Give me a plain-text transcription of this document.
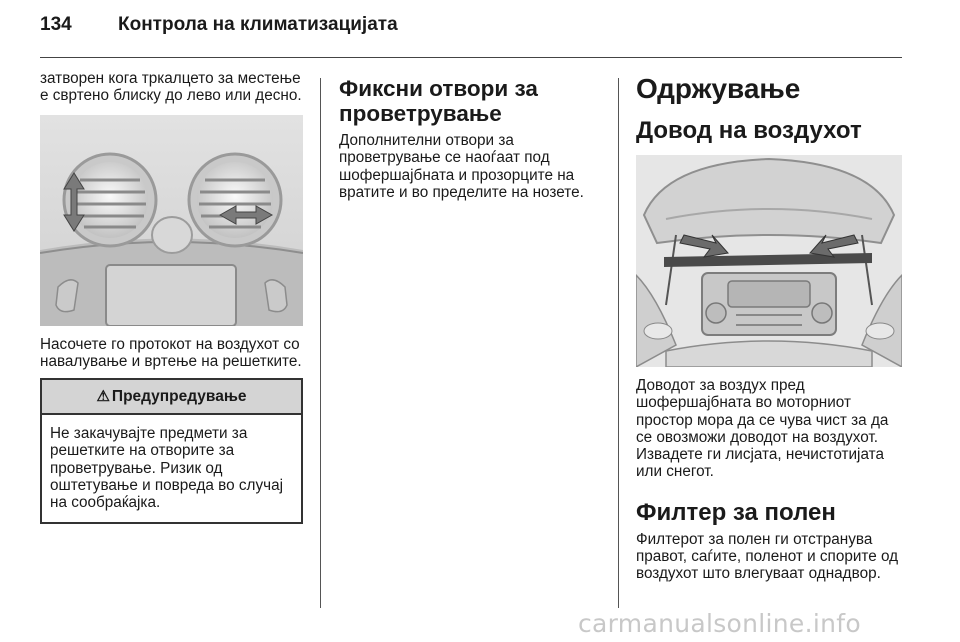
134 Контрола на климатизацијата

затворен кога тркалцето за местење е свртено блиску до лево или десно.

Насочете го протокот на воздухот со навалување и вртење на решетките.

⚠ Предупредување
Не закачувајте предмети за решетките на отворите за проветрување. Ризик од оштетување и повреда во случај на сообраќајка.
Фиксни отвори за проветрување

Дополнителни отвори за проветрување се наоѓаат под шофершајбната и прозорците на вратите и во пределите на нозете.

Одржување
Довод на воздухот

Доводот за воздух пред шофершајбната во моторниот простор мора да се чува чист за да се овозможи доводот на воздухот. Извадете ги лисјата, нечистотијата или снегот.

Филтер за полен

Филтерот за полен ги отстранува правот, саѓите, поленот и спорите од воздухот што влегуваат однадвор.

carmanualsonline.info
